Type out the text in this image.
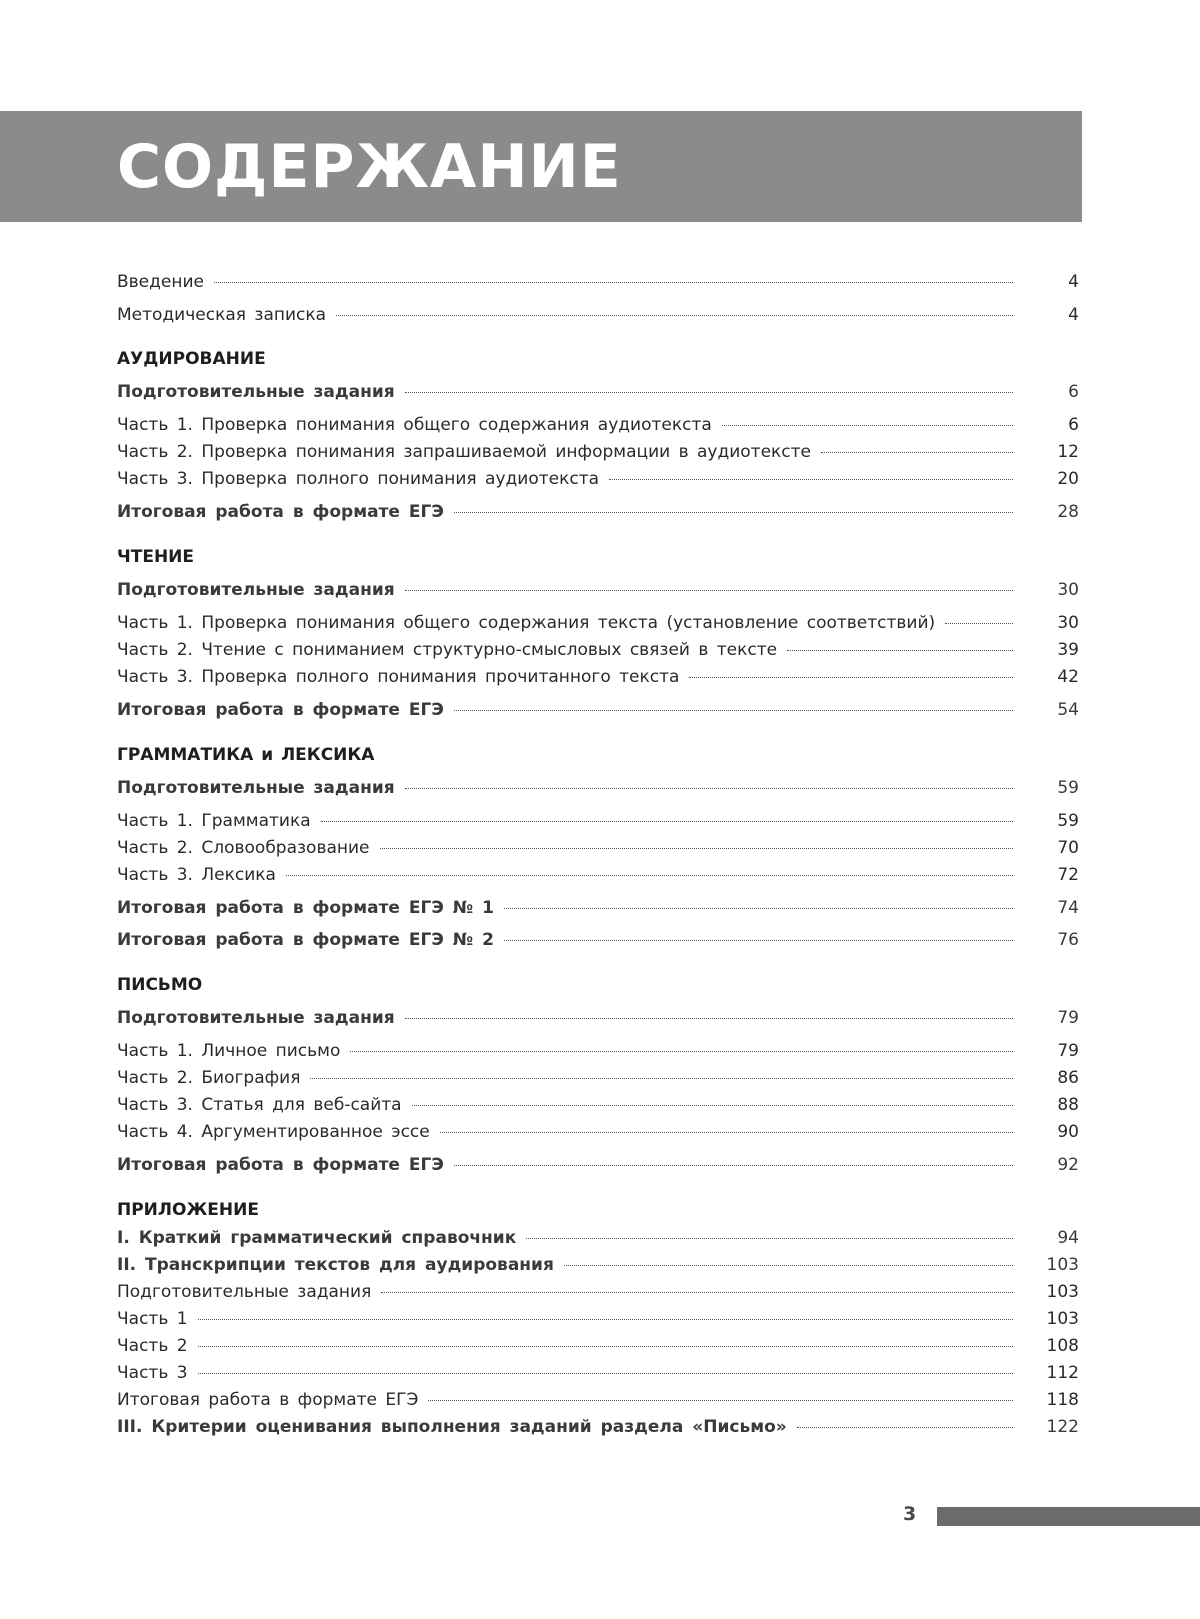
СОДЕРЖАНИЕ
Введение	4
Методическая записка	4
АУДИРОВАНИЕ
Подготовительные задания	6
Часть 1. Проверка понимания общего содержания аудиотекста	6
Часть 2. Проверка понимания запрашиваемой информации в аудиотексте	12
Часть 3. Проверка полного понимания аудиотекста	20
Итоговая работа в формате ЕГЭ	28
ЧТЕНИЕ
Подготовительные задания	30
Часть 1. Проверка понимания общего содержания текста (установление соответствий)	30
Часть 2. Чтение с пониманием структурно-смысловых связей в тексте	39
Часть 3. Проверка полного понимания прочитанного текста	42
Итоговая работа в формате ЕГЭ	54
ГРАММАТИКА и ЛЕКСИКА
Подготовительные задания	59
Часть 1. Грамматика	59
Часть 2. Словообразование	70
Часть 3. Лексика	72
Итоговая работа в формате ЕГЭ № 1	74
Итоговая работа в формате ЕГЭ № 2	76
ПИСЬМО
Подготовительные задания	79
Часть 1. Личное письмо	79
Часть 2. Биография	86
Часть 3. Статья для веб-сайта	88
Часть 4. Аргументированное эссе	90
Итоговая работа в формате ЕГЭ	92
ПРИЛОЖЕНИЕ
I. Краткий грамматический справочник	94
II. Транскрипции текстов для аудирования	103
Подготовительные задания	103
Часть 1	103
Часть 2	108
Часть 3	112
Итоговая работа в формате ЕГЭ	118
III. Критерии оценивания выполнения заданий раздела «Письмо»	122
3
